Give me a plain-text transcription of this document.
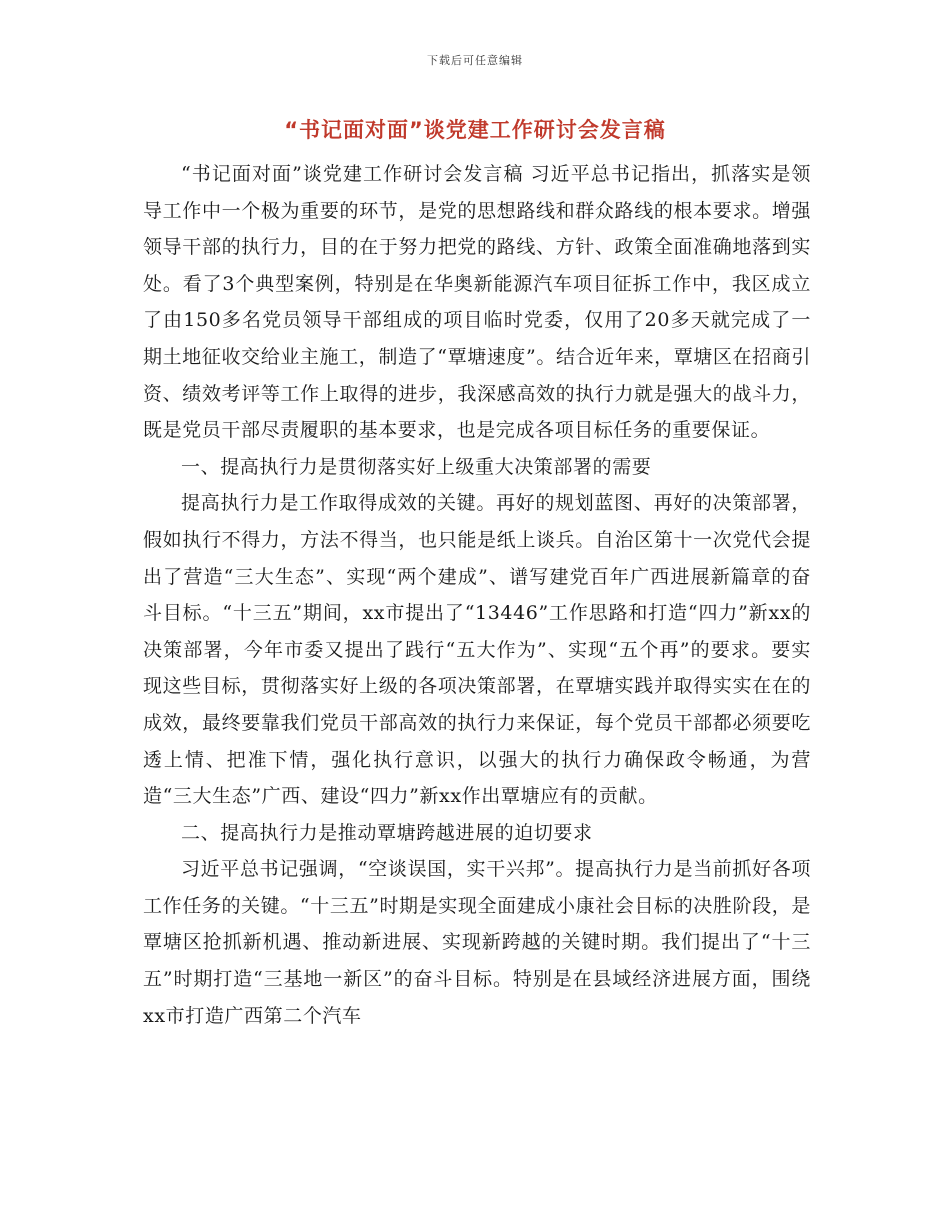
下载后可任意编辑
“书记面对面”谈党建工作研讨会发言稿

“书记面对面”谈党建工作研讨会发言稿 习近平总书记指出，抓落实是领导工作中一个极为重要的环节，是党的思想路线和群众路线的根本要求。增强领导干部的执行力，目的在于努力把党的路线、方针、政策全面准确地落到实处。看了3个典型案例，特别是在华奥新能源汽车项目征拆工作中，我区成立了由150多名党员领导干部组成的项目临时党委，仅用了20多天就完成了一期土地征收交给业主施工，制造了“覃塘速度”。结合近年来，覃塘区在招商引资、绩效考评等工作上取得的进步，我深感高效的执行力就是强大的战斗力，既是党员干部尽责履职的基本要求，也是完成各项目标任务的重要保证。

一、提高执行力是贯彻落实好上级重大决策部署的需要

提高执行力是工作取得成效的关键。再好的规划蓝图、再好的决策部署，假如执行不得力，方法不得当，也只能是纸上谈兵。自治区第十一次党代会提出了营造“三大生态”、实现“两个建成”、谱写建党百年广西进展新篇章的奋斗目标。“十三五”期间，xx市提出了“13446”工作思路和打造“四力”新xx的决策部署，今年市委又提出了践行“五大作为”、实现“五个再”的要求。要实现这些目标，贯彻落实好上级的各项决策部署，在覃塘实践并取得实实在在的成效，最终要靠我们党员干部高效的执行力来保证，每个党员干部都必须要吃透上情、把准下情，强化执行意识，以强大的执行力确保政令畅通，为营造“三大生态”广西、建设“四力”新xx作出覃塘应有的贡献。

二、提高执行力是推动覃塘跨越进展的迫切要求

习近平总书记强调，“空谈误国，实干兴邦”。提高执行力是当前抓好各项工作任务的关键。“十三五”时期是实现全面建成小康社会目标的决胜阶段，是覃塘区抢抓新机遇、推动新进展、实现新跨越的关键时期。我们提出了“十三五”时期打造“三基地一新区”的奋斗目标。特别是在县域经济进展方面，围绕xx市打造广西第二个汽车
